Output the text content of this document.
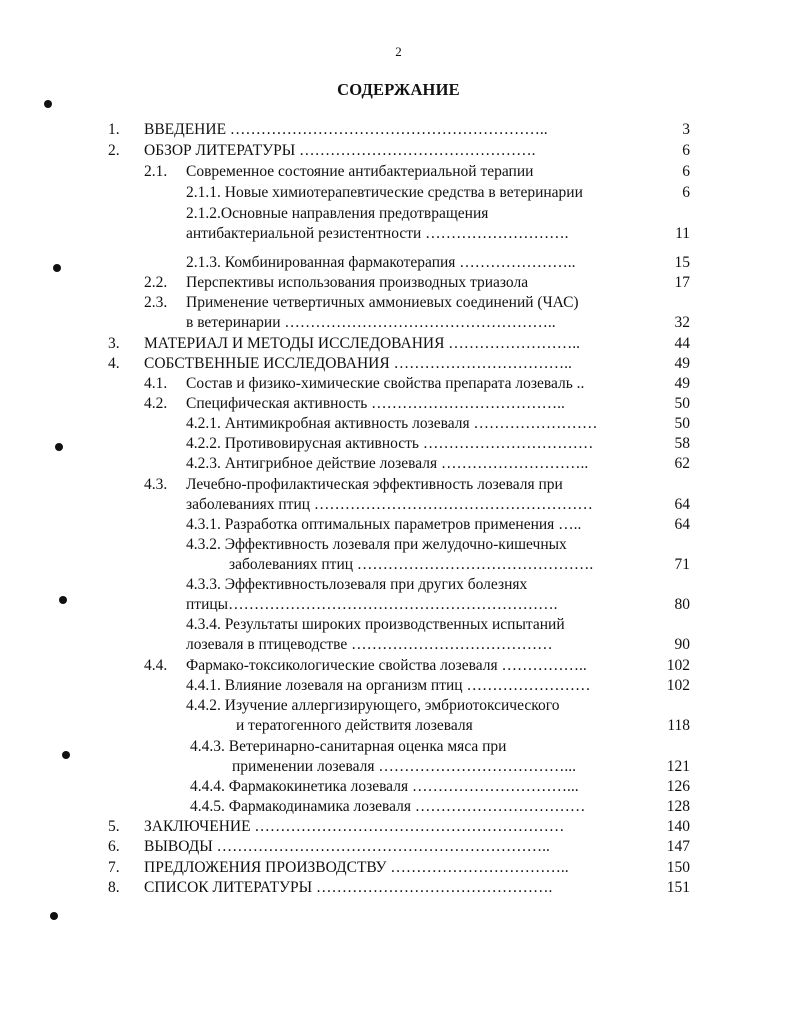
2
СОДЕРЖАНИЕ
1. ВВЕДЕНИЕ ……………………………………………………..	3
2. ОБЗОР ЛИТЕРАТУРЫ ……………………………………….	6
2.1. Современное состояние антибактериальной терапии	6
2.1.1. Новые химиотерапевтические средства в ветеринарии	6
2.1.2.Основные направления предотвращения
антибактериальной резистентности ……………………….	11
2.1.3. Комбинированная фармакотерапия …………………..	15
2.2. Перспективы использования производных триазола	17
2.3. Применение четвертичных аммониевых соединений (ЧАС)
в ветеринарии ……………………………………………..	32
3. МАТЕРИАЛ И МЕТОДЫ ИССЛЕДОВАНИЯ ……………………..	44
4. СОБСТВЕННЫЕ ИССЛЕДОВАНИЯ ……………………………..	49
4.1. Состав и физико-химические свойства препарата лозеваль ..	49
4.2. Специфическая активность ………………………………..	50
4.2.1. Антимикробная активность лозеваля ……………………	50
4.2.2. Противовирусная активность ……………………………	58
4.2.3. Антигрибное действие лозеваля ………………………..	62
4.3. Лечебно-профилактическая эффективность лозеваля при
заболеваниях птиц ………………………………………………	64
4.3.1. Разработка оптимальных параметров применения …..	64
4.3.2. Эффективность лозеваля при желудочно-кишечных
заболеваниях птиц ……………………………………….	71
4.3.3. Эффективностьлозеваля при других болезнях
птицы……………………………………………………….	80
4.3.4. Результаты широких производственных испытаний
лозеваля в птицеводстве …………………………………	90
4.4. Фармако-токсикологические свойства лозеваля ……………..	102
4.4.1. Влияние лозеваля на организм птиц ……………………	102
4.4.2. Изучение аллергизирующего, эмбриотоксического
и тератогенного действитя лозеваля	118
4.4.3. Ветеринарно-санитарная оценка мяса при
применении лозеваля ………………………………...	121
4.4.4. Фармакокинетика лозеваля …………………………...	126
4.4.5. Фармакодинамика лозеваля ……………………………	128
5. ЗАКЛЮЧЕНИЕ ……………………………………………………	140
6. ВЫВОДЫ ………………………………………………………..	147
7. ПРЕДЛОЖЕНИЯ ПРОИЗВОДСТВУ ……………………………..	150
8. СПИСОК ЛИТЕРАТУРЫ ……………………………………….	151
